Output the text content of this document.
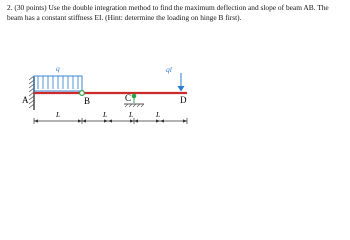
2. (30 points) Use the double integration method to find the maximum deflection and slope of beam AB. The
beam has a constant stiffness EI. (Hint: determine the loading on hinge B first).
q	ql
A	B	C	D
L	L	L	L
